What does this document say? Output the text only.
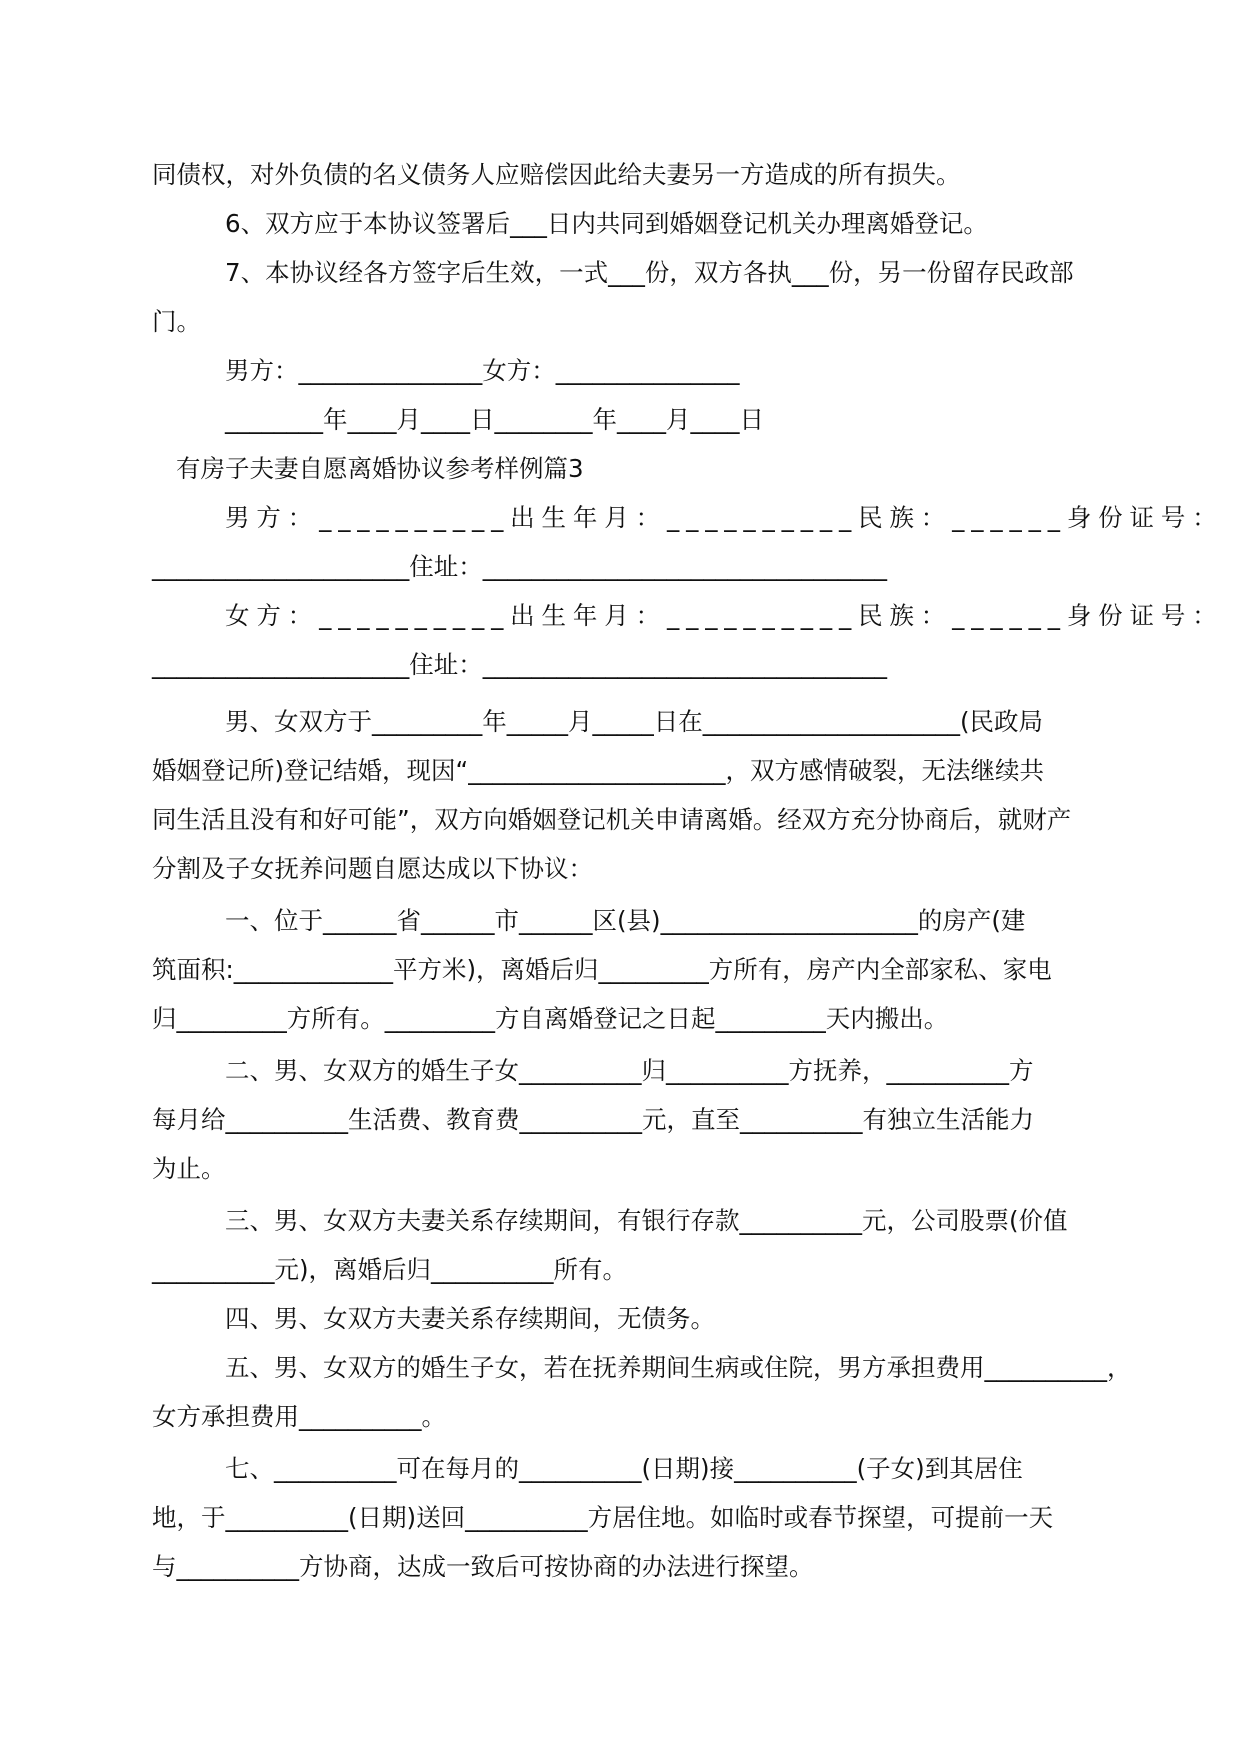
同债权，对外负债的名义债务人应赔偿因此给夫妻另一方造成的所有损失。
6、双方应于本协议签署后___日内共同到婚姻登记机关办理离婚登记。
7、本协议经各方签字后生效，一式___份，双方各执___份，另一份留存民政部
门。
男方：_______________女方：_______________
________年____月____日________年____月____日
有房子夫妻自愿离婚协议参考样例篇3
男方：__________出生年月：__________民族：______身份证号：
_____________________住址：_________________________________
女方：__________出生年月：__________民族：______身份证号：
_____________________住址：_________________________________
男、女双方于_________年_____月_____日在_____________________(民政局
婚姻登记所)登记结婚，现因“_____________________，双方感情破裂，无法继续共
同生活且没有和好可能”，双方向婚姻登记机关申请离婚。经双方充分协商后，就财产
分割及子女抚养问题自愿达成以下协议：
一、位于______省______市______区(县)_____________________的房产(建
筑面积:_____________平方米)，离婚后归_________方所有，房产内全部家私、家电
归_________方所有。_________方自离婚登记之日起_________天内搬出。
二、男、女双方的婚生子女__________归__________方抚养，__________方
每月给__________生活费、教育费__________元，直至__________有独立生活能力
为止。
三、男、女双方夫妻关系存续期间，有银行存款__________元，公司股票(价值
__________元)，离婚后归__________所有。
四、男、女双方夫妻关系存续期间，无债务。
五、男、女双方的婚生子女，若在抚养期间生病或住院，男方承担费用__________，
女方承担费用__________。
七、__________可在每月的__________(日期)接__________(子女)到其居住
地，于__________(日期)送回__________方居住地。如临时或春节探望，可提前一天
与__________方协商，达成一致后可按协商的办法进行探望。
